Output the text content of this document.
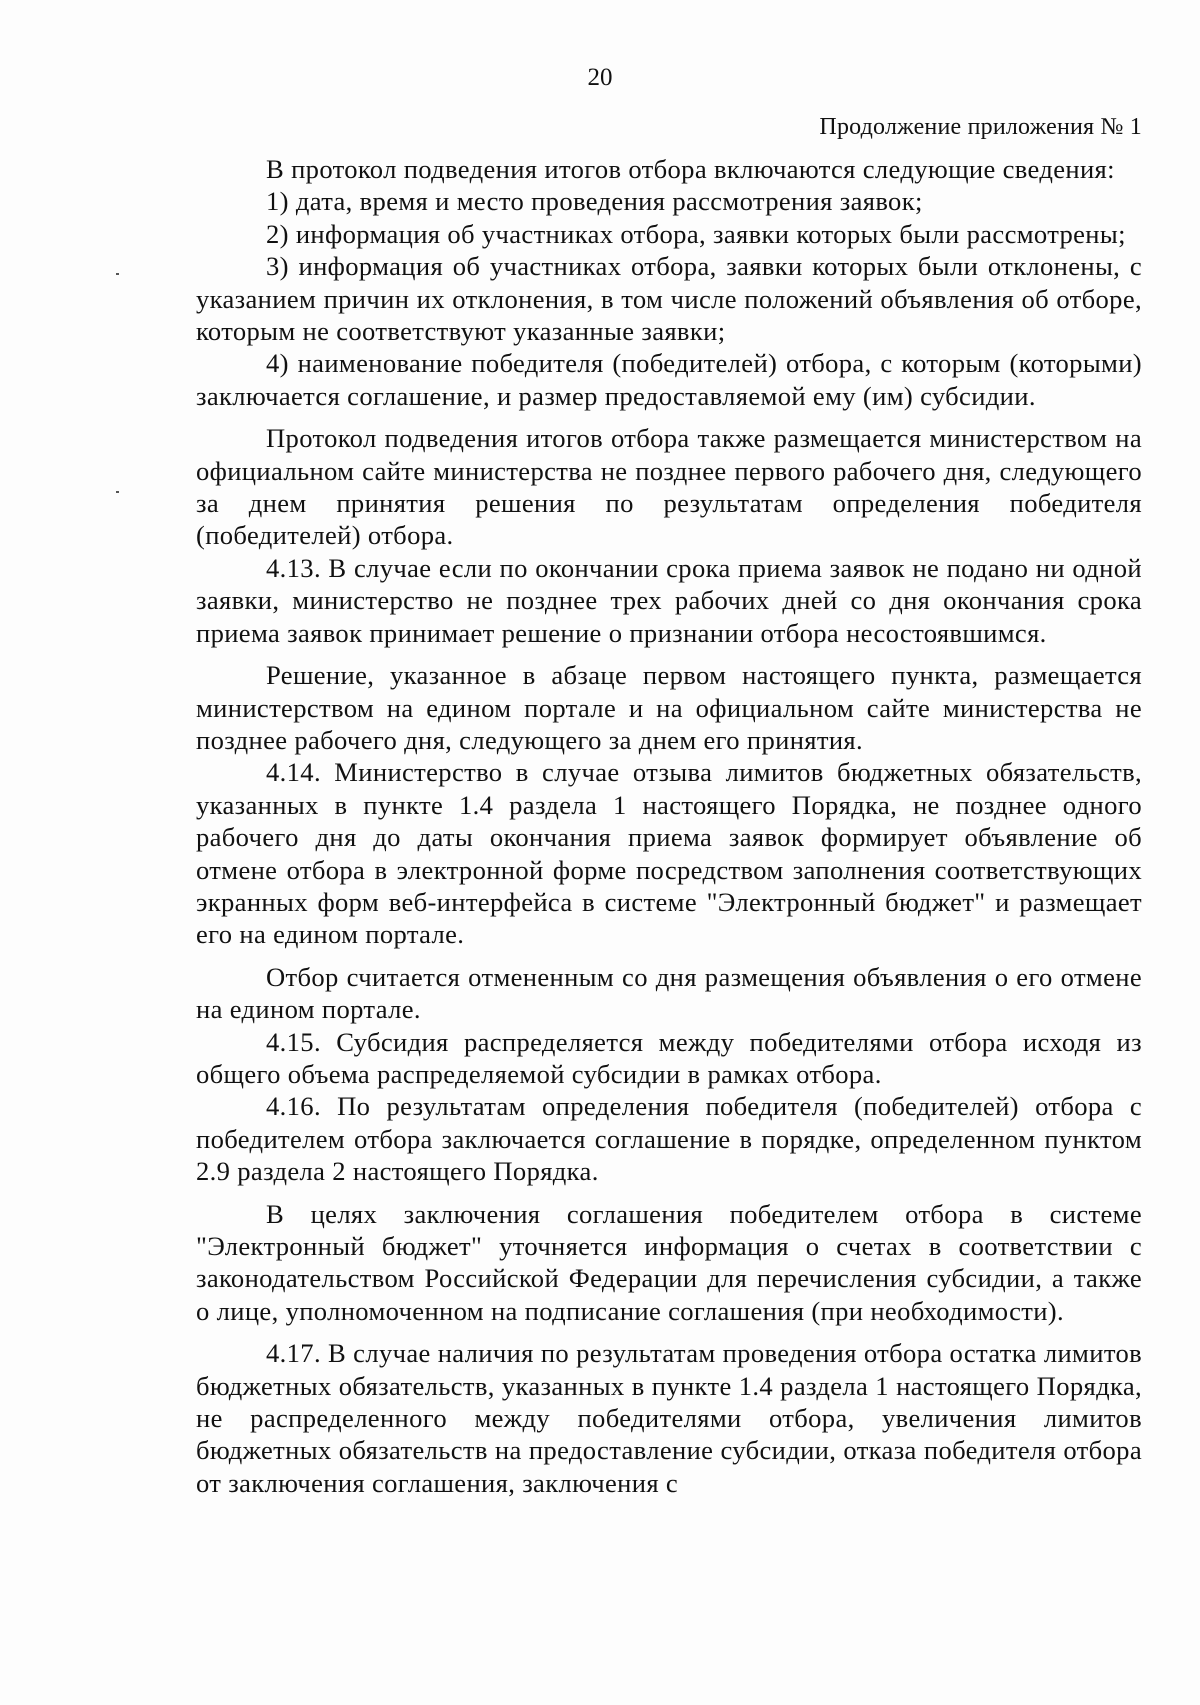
20
Продолжение приложения № 1

В протокол подведения итогов отбора включаются следующие сведения:

1) дата, время и место проведения рассмотрения заявок;

2) информация об участниках отбора, заявки которых были рассмотрены;

3) информация об участниках отбора, заявки которых были отклонены, с указанием причин их отклонения, в том числе положений объявления об отборе, которым не соответствуют указанные заявки;

4) наименование победителя (победителей) отбора, с которым (которыми) заключается соглашение, и размер предоставляемой ему (им) субсидии.

Протокол подведения итогов отбора также размещается министерством на официальном сайте министерства не позднее первого рабочего дня, следующего за днем принятия решения по результатам определения победителя (победителей) отбора.

4.13. В случае если по окончании срока приема заявок не подано ни одной заявки, министерство не позднее трех рабочих дней со дня окончания срока приема заявок принимает решение о признании отбора несостоявшимся.

Решение, указанное в абзаце первом настоящего пункта, размещается министерством на едином портале и на официальном сайте министерства не позднее рабочего дня, следующего за днем его принятия.

4.14. Министерство в случае отзыва лимитов бюджетных обязательств, указанных в пункте 1.4 раздела 1 настоящего Порядка, не позднее одного рабочего дня до даты окончания приема заявок формирует объявление об отмене отбора в электронной форме посредством заполнения соответствующих экранных форм веб-интерфейса в системе "Электронный бюджет" и размещает его на едином портале.

Отбор считается отмененным со дня размещения объявления о его отмене на едином портале.

4.15. Субсидия распределяется между победителями отбора исходя из общего объема распределяемой субсидии в рамках отбора.

4.16. По результатам определения победителя (победителей) отбора с победителем отбора заключается соглашение в порядке, определенном пунктом 2.9 раздела 2 настоящего Порядка.

В целях заключения соглашения победителем отбора в системе "Электронный бюджет" уточняется информация о счетах в соответствии с законодательством Российской Федерации для перечисления субсидии, а также о лице, уполномоченном на подписание соглашения (при необходимости).

4.17. В случае наличия по результатам проведения отбора остатка лимитов бюджетных обязательств, указанных в пункте 1.4 раздела 1 настоящего Порядка, не распределенного между победителями отбора, увеличения лимитов бюджетных обязательств на предоставление субсидии, отказа победителя отбора от заключения соглашения, заключения с
